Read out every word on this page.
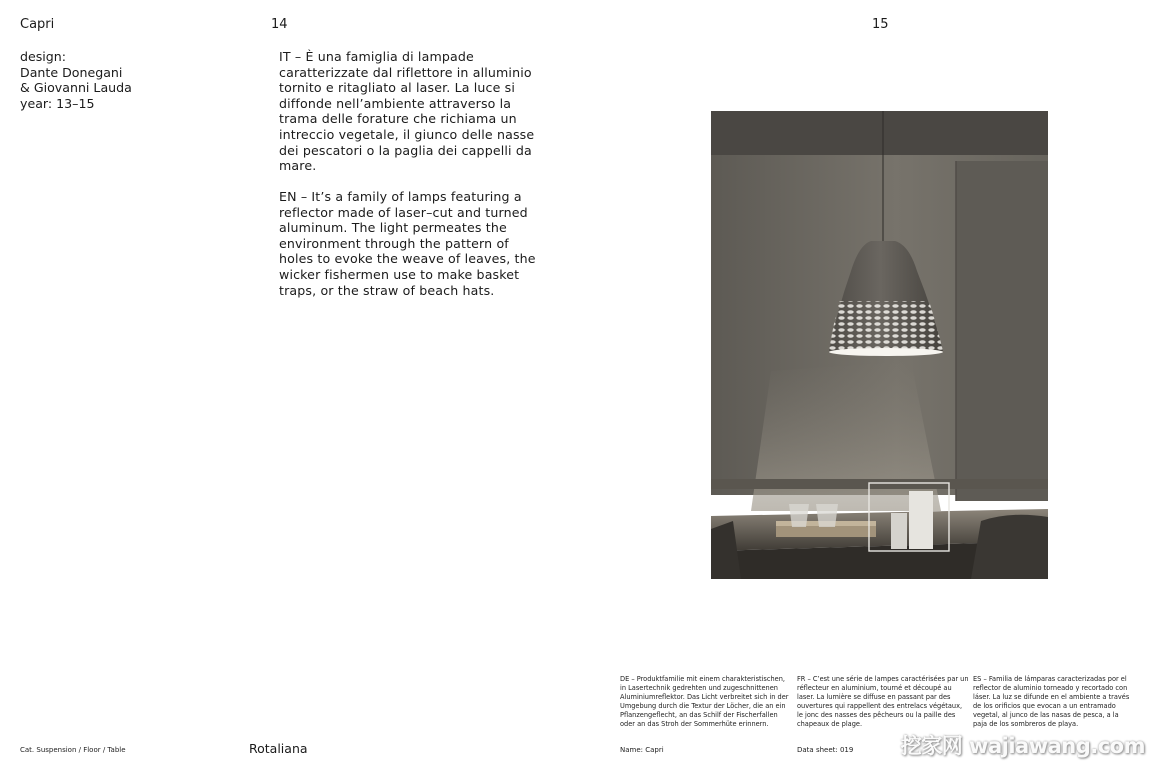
Capri	14	15
design:
Dante Donegani
& Giovanni Lauda
year: 13–15
IT – È una famiglia di lampade caratterizzate dal riflettore in alluminio tornito e ritagliato al laser. La luce si diffonde nell’ambiente attraverso la trama delle forature che richiama un intreccio vegetale, il giunco delle nasse dei pescatori o la paglia dei cappelli da mare.
EN – It’s a family of lamps featuring a reflector made of laser–cut and turned aluminum. The light permeates the environment through the pattern of holes to evoke the weave of leaves, the wicker fishermen use to make basket traps, or the straw of beach hats.
DE – Produktfamilie mit einem charakteristischen, in Lasertechnik gedrehten und zugeschnittenen Aluminiumreflektor. Das Licht verbreitet sich in der Umgebung durch die Textur der Löcher, die an ein Pflanzengeflecht, an das Schilf der Fischerfallen oder an das Stroh der Sommerhüte erinnern.
FR – C’est une série de lampes caractérisées par un réflecteur en aluminium, tourné et découpé au laser. La lumière se diffuse en passant par des ouvertures qui rappellent des entrelacs végétaux, le jonc des nasses des pêcheurs ou la paille des chapeaux de plage.
ES – Familia de lámparas caracterizadas por el reflector de aluminio torneado y recortado con láser. La luz se difunde en el ambiente a través de los orificios que evocan a un entramado vegetal, al junco de las nasas de pesca, a la paja de los sombreros de playa.
Cat. Suspension / Floor / Table	Rotaliana	Name: Capri	Data sheet: 019 挖家网 wajiawang.com
